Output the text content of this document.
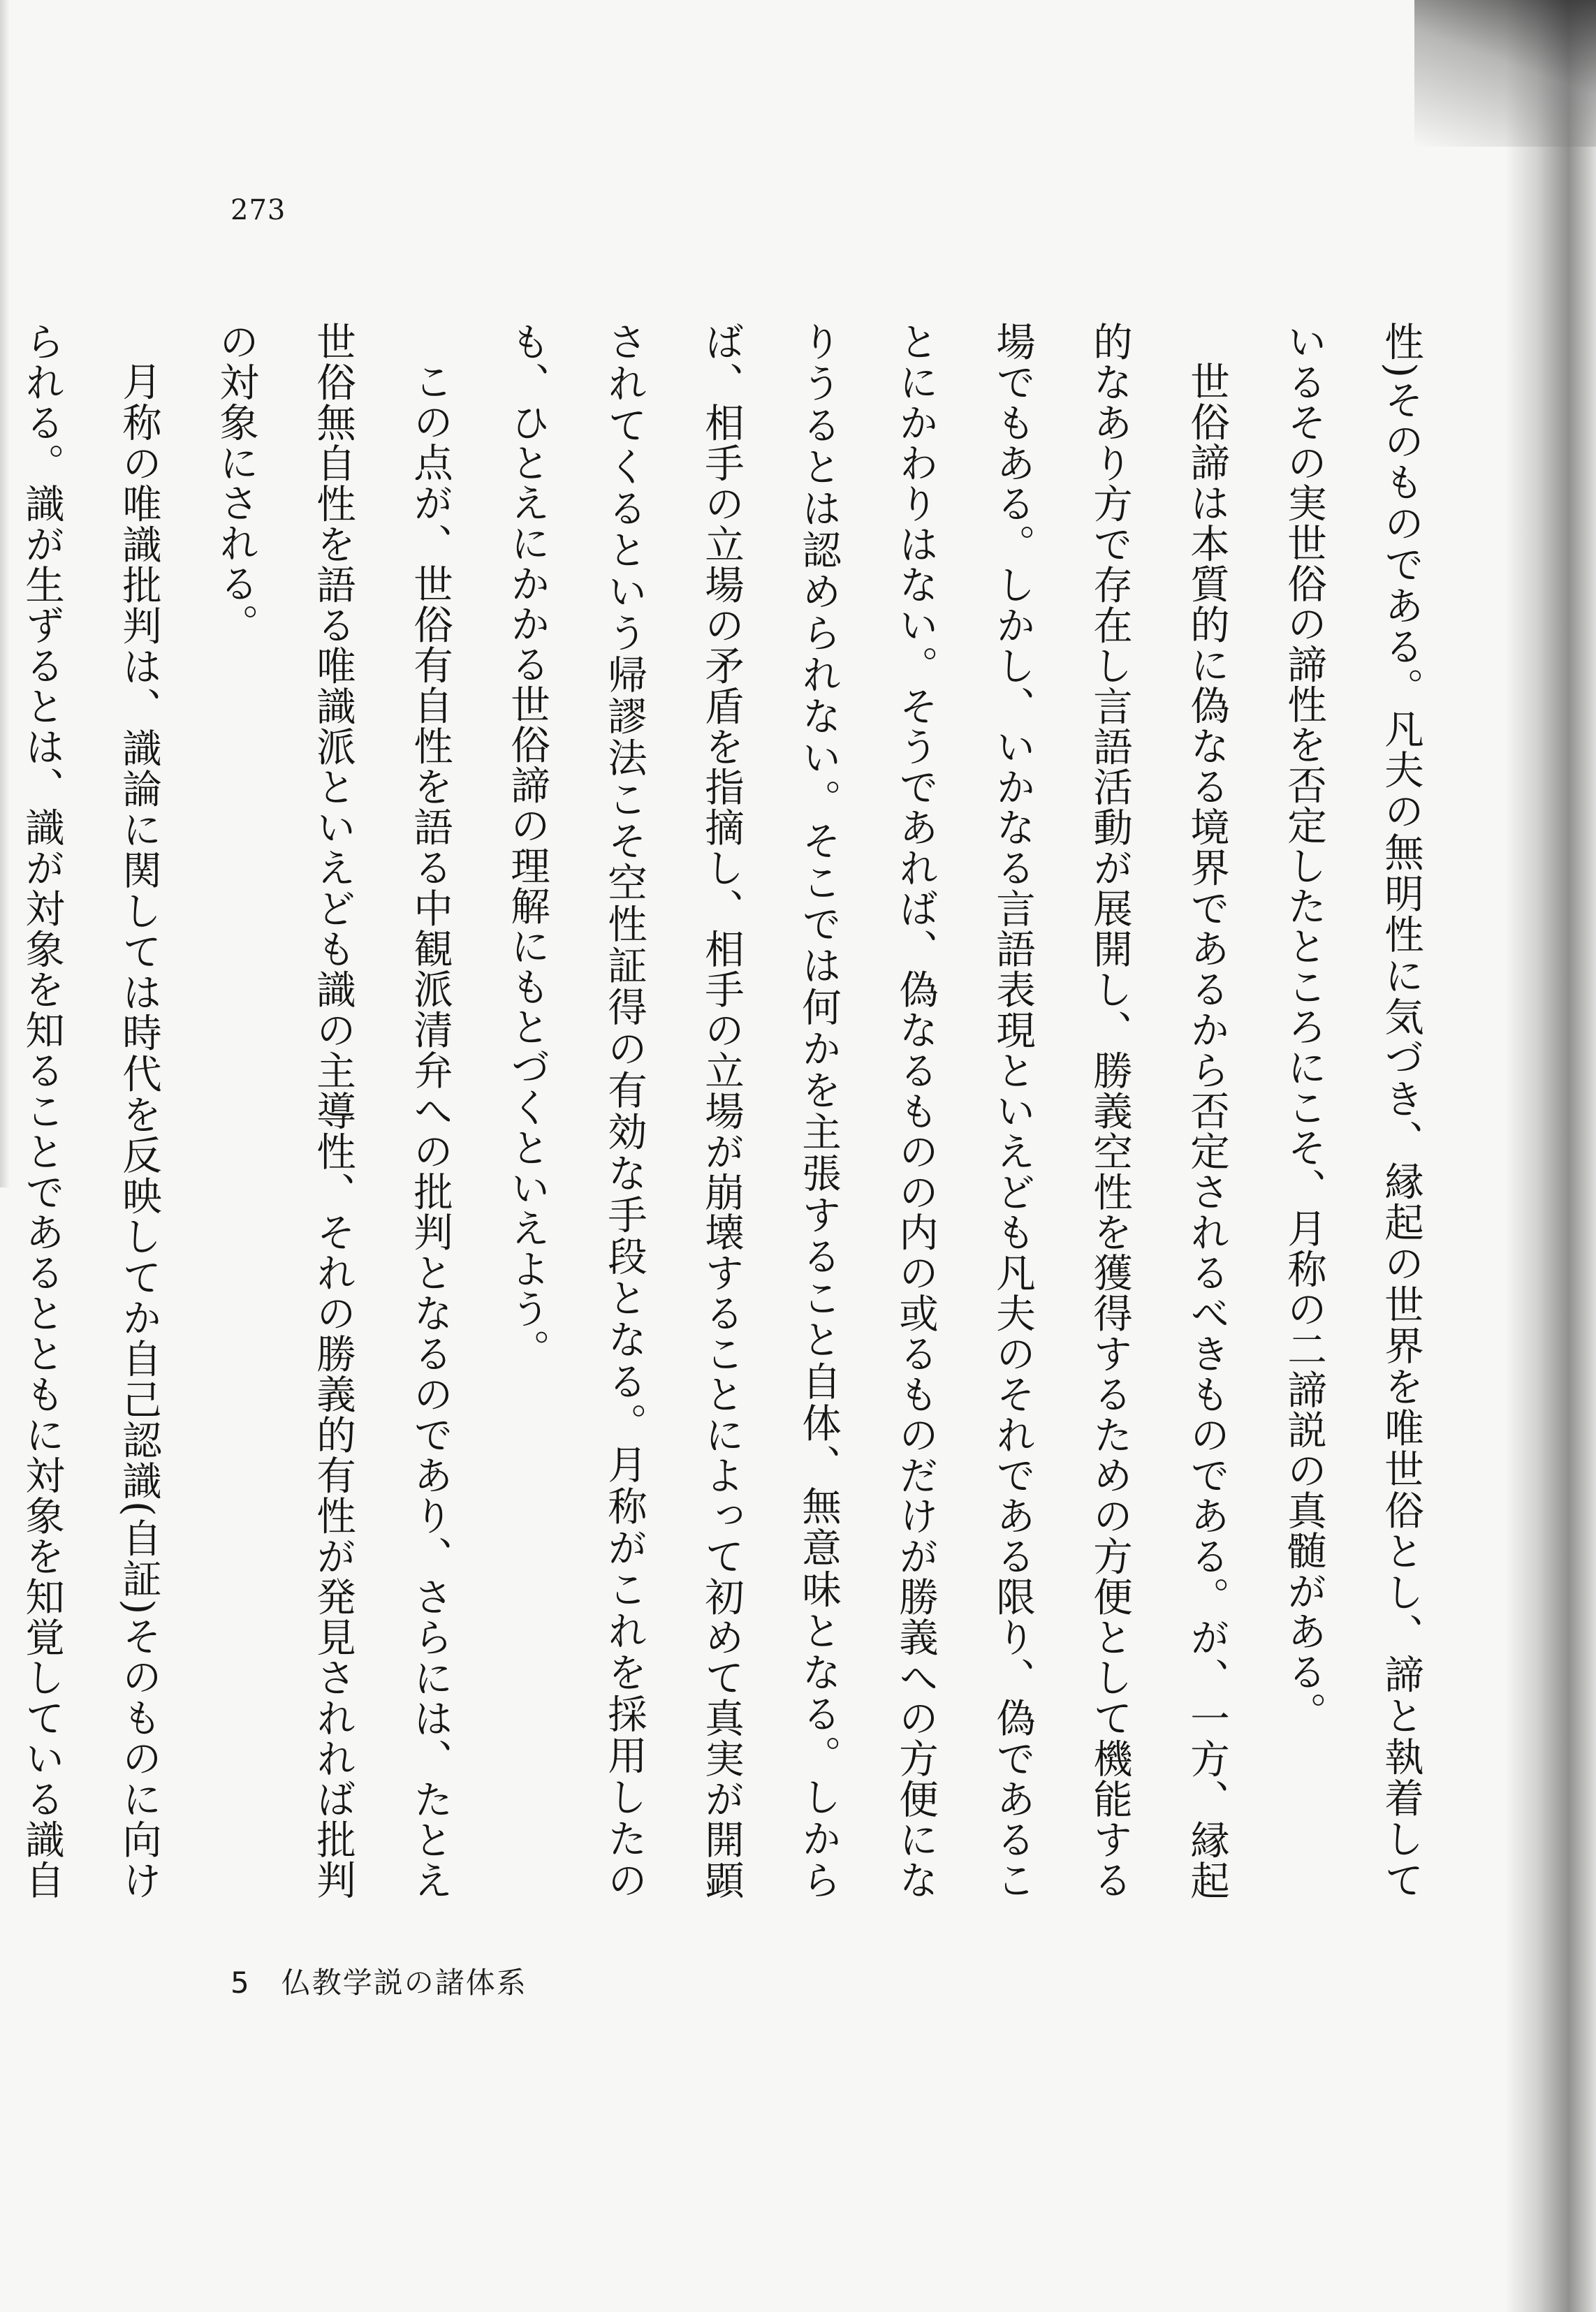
273

性)そのものである。凡夫の無明性に気づき、縁起の世界を唯世俗とし、諦と執着しているその実世俗の諦性を否定したところにこそ、月称の二諦説の真髄がある。

世俗諦は本質的に偽なる境界であるから否定されるべきものである。が、一方、縁起的なあり方で存在し言語活動が展開し、勝義空性を獲得するための方便として機能する場でもある。しかし、いかなる言語表現といえども凡夫のそれである限り、偽であることにかわりはない。そうであれば、偽なるものの内の或るものだけが勝義への方便になりうるとは認められない。そこでは何かを主張すること自体、無意味となる。しからば、相手の立場の矛盾を指摘し、相手の立場が崩壊することによって初めて真実が開顕されてくるという帰謬法こそ空性証得の有効な手段となる。月称がこれを採用したのも、ひとえにかかる世俗諦の理解にもとづくといえよう。

この点が、世俗有自性を語る中観派清弁への批判となるのであり、さらには、たとえ世俗無自性を語る唯識派といえども識の主導性、それの勝義的有性が発見されれば批判の対象にされる。

月称の唯識批判は、識論に関しては時代を反映してか自己認識(自証)そのものに向けられる。識が生ずるとは、識が対象を知ることであるとともに対象を知覚している識自

5 仏教学説の諸体系
